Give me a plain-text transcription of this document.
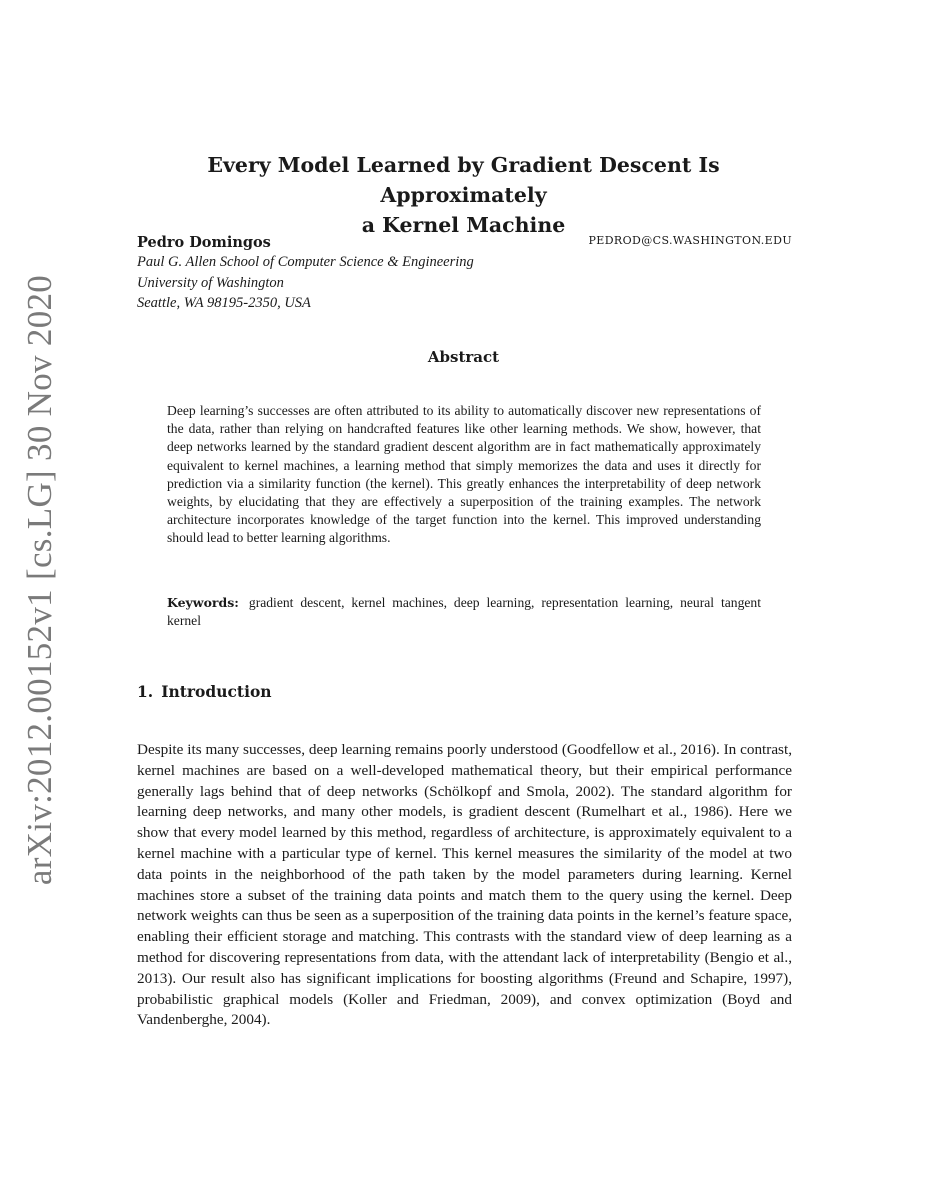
arXiv:2012.00152v1 [cs.LG] 30 Nov 2020
Every Model Learned by Gradient Descent Is Approximately
a Kernel Machine
Pedro Domingos	PEDROD@CS.WASHINGTON.EDU
Paul G. Allen School of Computer Science & Engineering
University of Washington
Seattle, WA 98195-2350, USA
Abstract

Deep learning’s successes are often attributed to its ability to automatically discover new representations of the data, rather than relying on handcrafted features like other learning methods. We show, however, that deep networks learned by the standard gradient descent algorithm are in fact mathematically approximately equivalent to kernel machines, a learning method that simply memorizes the data and uses it directly for prediction via a similarity function (the kernel). This greatly enhances the interpretability of deep network weights, by elucidating that they are effectively a superposition of the training examples. The network architecture incorporates knowledge of the target function into the kernel. This improved understanding should lead to better learning algorithms.

Keywords: gradient descent, kernel machines, deep learning, representation learning, neural tangent kernel

1. Introduction

Despite its many successes, deep learning remains poorly understood (Goodfellow et al., 2016). In contrast, kernel machines are based on a well-developed mathematical theory, but their empirical performance generally lags behind that of deep networks (Schölkopf and Smola, 2002). The standard algorithm for learning deep networks, and many other models, is gradient descent (Rumelhart et al., 1986). Here we show that every model learned by this method, regardless of architecture, is approximately equivalent to a kernel machine with a particular type of kernel. This kernel measures the similarity of the model at two data points in the neighborhood of the path taken by the model parameters during learning. Kernel machines store a subset of the training data points and match them to the query using the kernel. Deep network weights can thus be seen as a superposition of the training data points in the kernel’s feature space, enabling their efficient storage and matching. This contrasts with the standard view of deep learning as a method for discovering representations from data, with the attendant lack of interpretability (Bengio et al., 2013). Our result also has significant implications for boosting algorithms (Freund and Schapire, 1997), probabilistic graphical models (Koller and Friedman, 2009), and convex optimization (Boyd and Vandenberghe, 2004).
